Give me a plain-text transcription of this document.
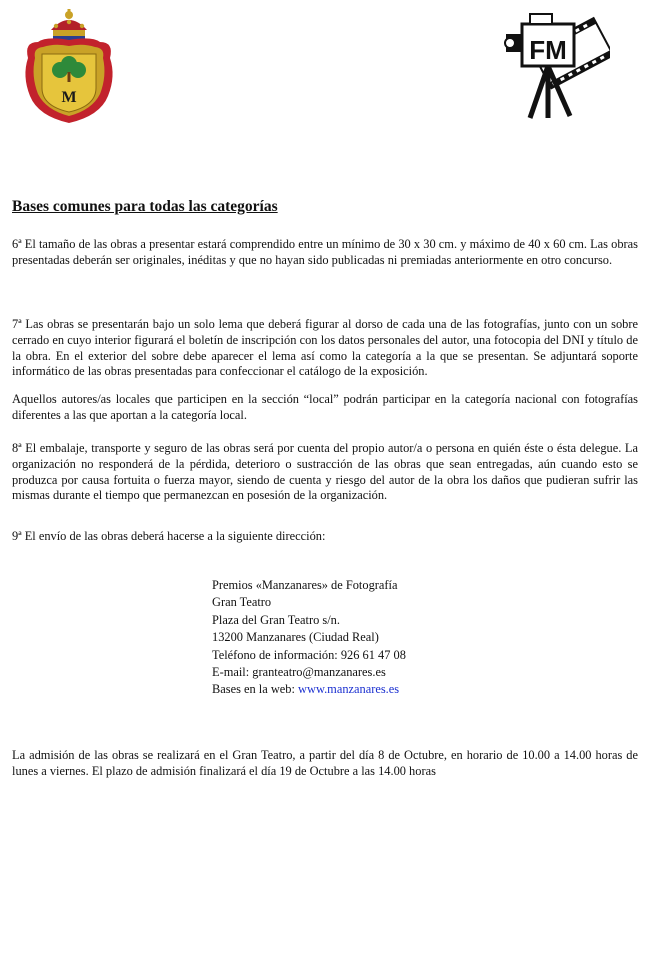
M
FM
Bases comunes para todas las categorías

6ª El tamaño de las obras a presentar estará comprendido entre un mínimo de 30 x 30 cm. y máximo de 40 x 60 cm. Las obras presentadas deberán ser originales, inéditas y que no hayan sido publicadas ni premiadas anteriormente en otro concurso.

7ª Las obras se presentarán bajo un solo lema que deberá figurar al dorso de cada una de las fotografías, junto con un sobre cerrado en cuyo interior figurará el boletín de inscripción con los datos personales del autor, una fotocopia del DNI y título de la obra. En el exterior del sobre debe aparecer el lema así como la categoría a la que se presentan. Se adjuntará soporte informático de las obras presentadas para confeccionar el catálogo de la exposición.

Aquellos autores/as locales que participen en la sección “local” podrán participar en la categoría nacional con fotografías diferentes a las que aportan a la categoría local.

8ª El embalaje, transporte y seguro de las obras será por cuenta del propio autor/a o persona en quién éste o ésta delegue. La organización no responderá de la pérdida, deterioro o sustracción de las obras que sean entregadas, aún cuando esto se produzca por causa fortuita o fuerza mayor, siendo de cuenta y riesgo del autor de la obra los daños que pudieran sufrir las mismas durante el tiempo que permanezcan en posesión de la organización.

9ª El envío de las obras deberá hacerse a la siguiente dirección:

Premios «Manzanares» de Fotografía
Gran Teatro
Plaza del Gran Teatro s/n.
13200 Manzanares (Ciudad Real)
Teléfono de información: 926 61 47 08
E-mail: granteatro@manzanares.es
Bases en la web: www.manzanares.es

La admisión de las obras se realizará en el Gran Teatro, a partir del día 8 de Octubre, en horario de 10.00 a 14.00 horas de lunes a viernes. El plazo de admisión finalizará el día 19 de Octubre a las 14.00 horas
